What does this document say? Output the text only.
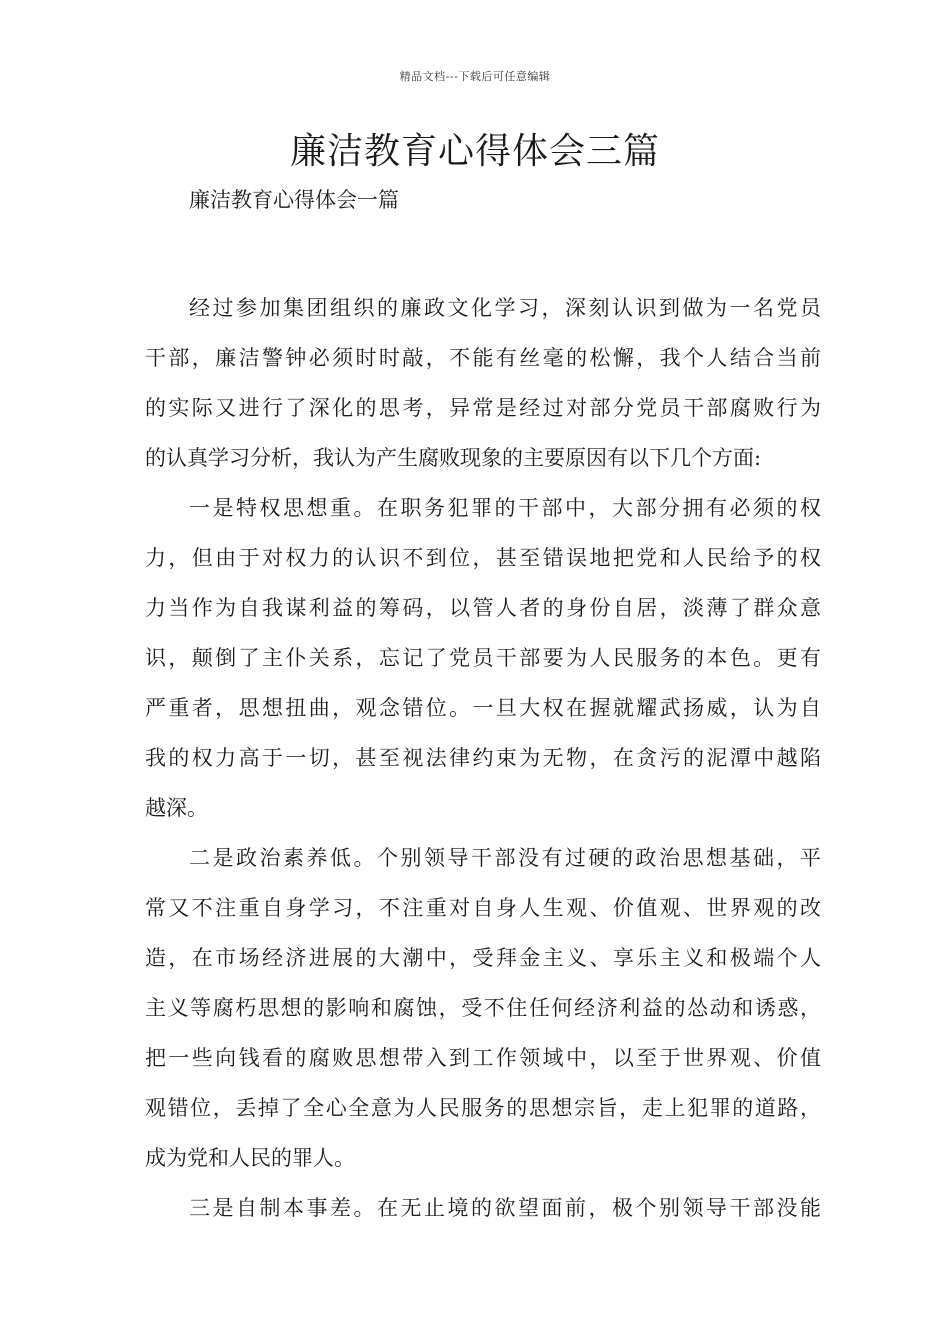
精品文档---下载后可任意编辑
廉洁教育心得体会三篇

廉洁教育心得体会一篇

经过参加集团组织的廉政文化学习，深刻认识到做为一名党员
干部，廉洁警钟必须时时敲，不能有丝毫的松懈，我个人结合当前
的实际又进行了深化的思考，异常是经过对部分党员干部腐败行为
的认真学习分析，我认为产生腐败现象的主要原因有以下几个方面:
一是特权思想重。在职务犯罪的干部中，大部分拥有必须的权
力，但由于对权力的认识不到位，甚至错误地把党和人民给予的权
力当作为自我谋利益的筹码，以管人者的身份自居，淡薄了群众意
识，颠倒了主仆关系，忘记了党员干部要为人民服务的本色。更有
严重者，思想扭曲，观念错位。一旦大权在握就耀武扬威，认为自
我的权力高于一切，甚至视法律约束为无物，在贪污的泥潭中越陷
越深。
二是政治素养低。个别领导干部没有过硬的政治思想基础，平
常又不注重自身学习，不注重对自身人生观、价值观、世界观的改
造，在市场经济进展的大潮中，受拜金主义、享乐主义和极端个人
主义等腐朽思想的影响和腐蚀，受不住任何经济利益的怂动和诱惑，
把一些向钱看的腐败思想带入到工作领域中，以至于世界观、价值
观错位，丢掉了全心全意为人民服务的思想宗旨，走上犯罪的道路，
成为党和人民的罪人。
三是自制本事差。在无止境的欲望面前，极个别领导干部没能
